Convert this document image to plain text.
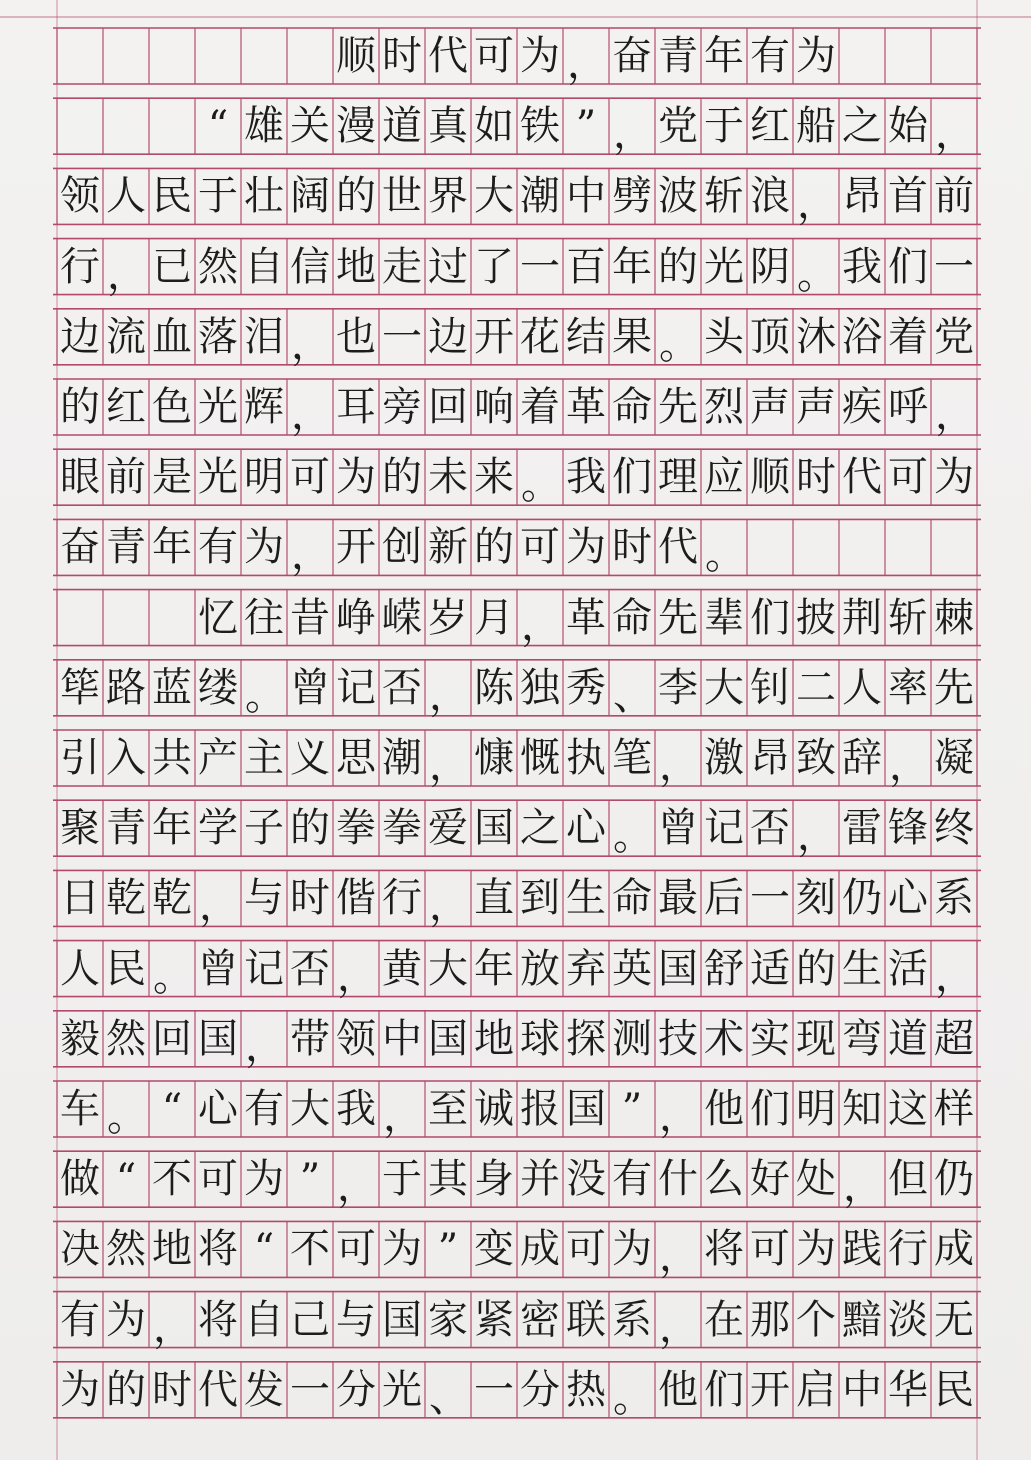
顺 时 代 可 为 ， 奋 青 年 有 为
“ 雄 关 漫 道 真 如 铁 ” ， 党 于 红 船 之 始 ，
领 人 民 于 壮 阔 的 世 界 大 潮 中 劈 波 斩 浪 ， 昂 首 前
行 ， 已 然 自 信 地 走 过 了 一 百 年 的 光 阴 。 我 们 一
边 流 血 落 泪 ， 也 一 边 开 花 结 果 。 头 顶 沐 浴 着 党
的 红 色 光 辉 ， 耳 旁 回 响 着 革 命 先 烈 声 声 疾 呼 ，
眼 前 是 光 明 可 为 的 未 来 。 我 们 理 应 顺 时 代 可 为
奋 青 年 有 为 ， 开 创 新 的 可 为 时 代 。
忆 往 昔 峥 嵘 岁 月 ， 革 命 先 辈 们 披 荆 斩 棘
筚 路 蓝 缕 。 曾 记 否 ， 陈 独 秀 、 李 大 钊 二 人 率 先
引 入 共 产 主 义 思 潮 ， 慷 慨 执 笔 ， 激 昂 致 辞 ， 凝
聚 青 年 学 子 的 拳 拳 爱 国 之 心 。 曾 记 否 ， 雷 锋 终
日 乾 乾 ， 与 时 偕 行 ， 直 到 生 命 最 后 一 刻 仍 心 系
人 民 。 曾 记 否 ， 黄 大 年 放 弃 英 国 舒 适 的 生 活 ，
毅 然 回 国 ， 带 领 中 国 地 球 探 测 技 术 实 现 弯 道 超
车 。 “ 心 有 大 我 ， 至 诚 报 国 ” ， 他 们 明 知 这 样
做 “ 不 可 为 ” ， 于 其 身 并 没 有 什 么 好 处 ， 但 仍
决 然 地 将 “ 不 可 为 ” 变 成 可 为 ， 将 可 为 践 行 成
有 为 ， 将 自 己 与 国 家 紧 密 联 系 ， 在 那 个 黯 淡 无
为 的 时 代 发 一 分 光 、 一 分 热 。 他 们 开 启 中 华 民
